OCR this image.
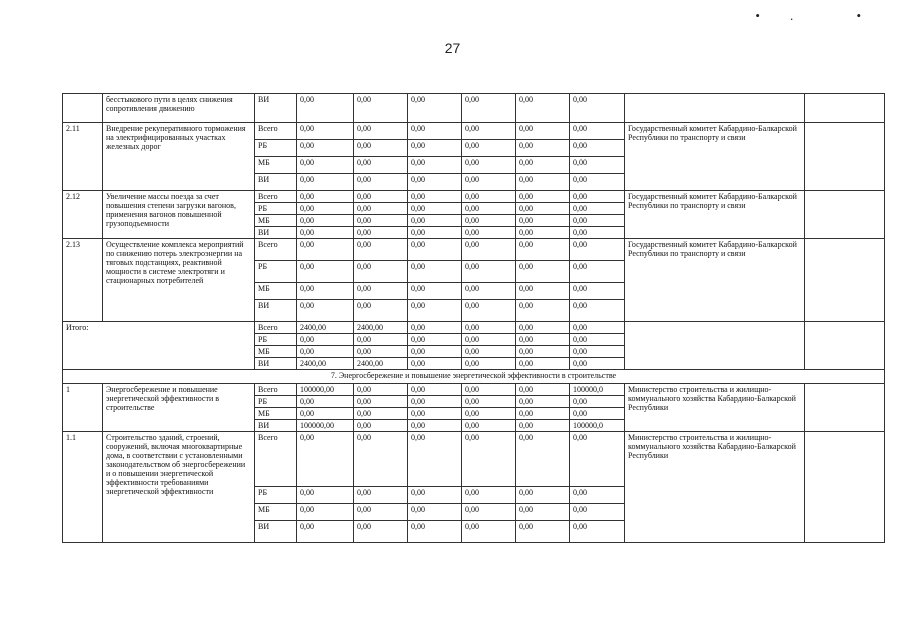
•. •
27
	бесстыкового пути в целях снижения сопротивления движению	ВИ	0,00	0,00	0,00	0,00	0,00	0,00		
2.11	Внедрение рекуперативного торможения на электрифицированных участках железных дорог	Всего	0,00	0,00	0,00	0,00	0,00	0,00	Государственный комитет Кабардино-Балкарской Республики по транспорту и связи	
		РБ	0,00	0,00	0,00	0,00	0,00	0,00		
		МБ	0,00	0,00	0,00	0,00	0,00	0,00		
		ВИ	0,00	0,00	0,00	0,00	0,00	0,00		
2.12	Увеличение массы поезда за счет повышения степени загрузки вагонов, применения вагонов повышенной грузоподъемности	Всего	0,00	0,00	0,00	0,00	0,00	0,00	Государственный комитет Кабардино-Балкарской Республики по транспорту и связи	
		РБ	0,00	0,00	0,00	0,00	0,00	0,00		
		МБ	0,00	0,00	0,00	0,00	0,00	0,00		
		ВИ	0,00	0,00	0,00	0,00	0,00	0,00		
2.13	Осуществление комплекса мероприятий по снижению потерь электроэнергии на тяговых подстанциях, реактивной мощности в системе электротяги и стационарных потребителей	Всего	0,00	0,00	0,00	0,00	0,00	0,00	Государственный комитет Кабардино-Балкарской Республики по транспорту и связи	
		РБ	0,00	0,00	0,00	0,00	0,00	0,00		
		МБ	0,00	0,00	0,00	0,00	0,00	0,00		
		ВИ	0,00	0,00	0,00	0,00	0,00	0,00		
Итого:		Всего	2400,00	2400,00	0,00	0,00	0,00	0,00		
		РБ	0,00	0,00	0,00	0,00	0,00	0,00		
		МБ	0,00	0,00	0,00	0,00	0,00	0,00		
		ВИ	2400,00	2400,00	0,00	0,00	0,00	0,00		
7. Энергосбережение и повышение энергетической эффективности в строительстве										
1	Энергосбережение и повышение энергетической эффективности в строительстве	Всего	100000,00	0,00	0,00	0,00	0,00	100000,0	Министерство строительства и жилищно-коммунального хозяйства Кабардино-Балкарской Республики	
		РБ	0,00	0,00	0,00	0,00	0,00	0,00		
		МБ	0,00	0,00	0,00	0,00	0,00	0,00		
		ВИ	100000,00	0,00	0,00	0,00	0,00	100000,0		
1.1	Строительство зданий, строений, сооружений, включая многоквартирные дома, в соответствии с установленными законодательством об энергосбережении и о повышении энергетической эффективности требованиями энергетической эффективности	Всего	0,00	0,00	0,00	0,00	0,00	0,00	Министерство строительства и жилищно-коммунального хозяйства Кабардино-Балкарской Республики	
		РБ	0,00	0,00	0,00	0,00	0,00	0,00		
		МБ	0,00	0,00	0,00	0,00	0,00	0,00		
		ВИ	0,00	0,00	0,00	0,00	0,00	0,00		
